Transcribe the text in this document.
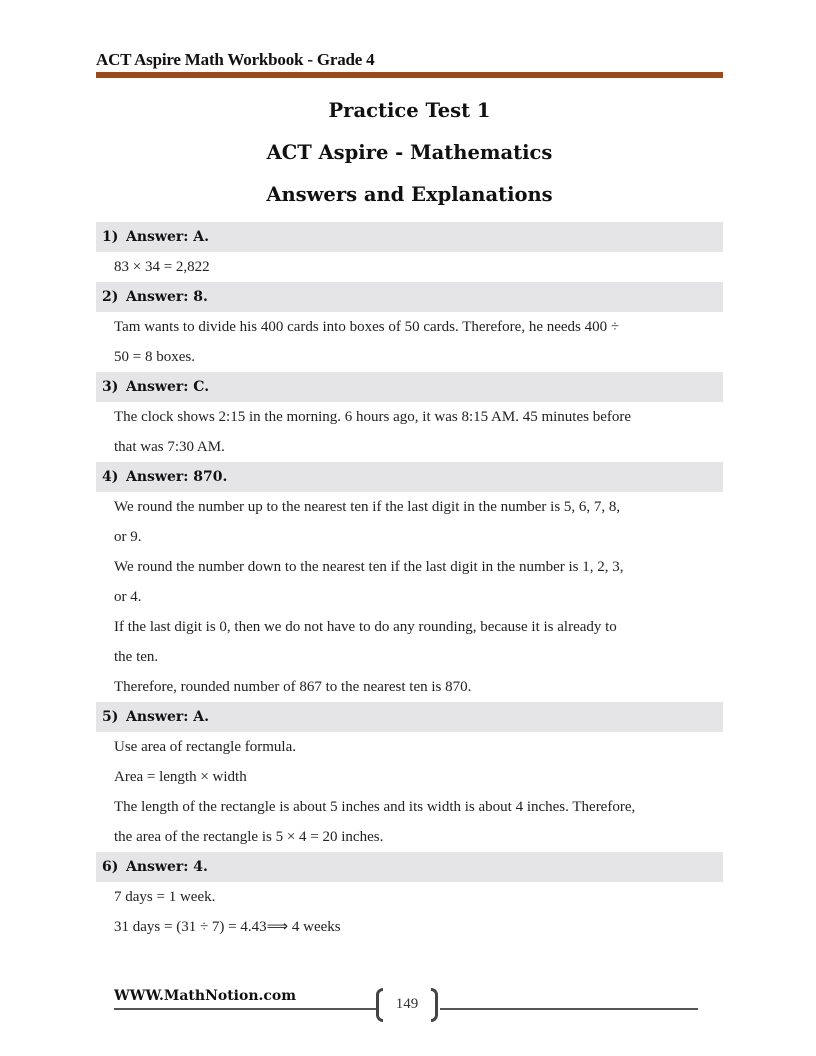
ACT Aspire Math Workbook - Grade 4
Practice Test 1
ACT Aspire - Mathematics
Answers and Explanations
1) Answer: A.
83 × 34 = 2,822
2) Answer: 8.
Tam wants to divide his 400 cards into boxes of 50 cards. Therefore, he needs 400 ÷
50 = 8 boxes.
3) Answer: C.
The clock shows 2:15 in the morning. 6 hours ago, it was 8:15 AM. 45 minutes before
that was 7:30 AM.
4) Answer: 870.
We round the number up to the nearest ten if the last digit in the number is 5, 6, 7, 8,
or 9.
We round the number down to the nearest ten if the last digit in the number is 1, 2, 3,
or 4.
If the last digit is 0, then we do not have to do any rounding, because it is already to
the ten.
Therefore, rounded number of 867 to the nearest ten is 870.
5) Answer: A.
Use area of rectangle formula.
Area = length × width
The length of the rectangle is about 5 inches and its width is about 4 inches. Therefore,
the area of the rectangle is 5 × 4 = 20 inches.
6) Answer: 4.
7 days = 1 week.
31 days = (31 ÷ 7) = 4.43⟹ 4 weeks
WWW.MathNotion.com	149
